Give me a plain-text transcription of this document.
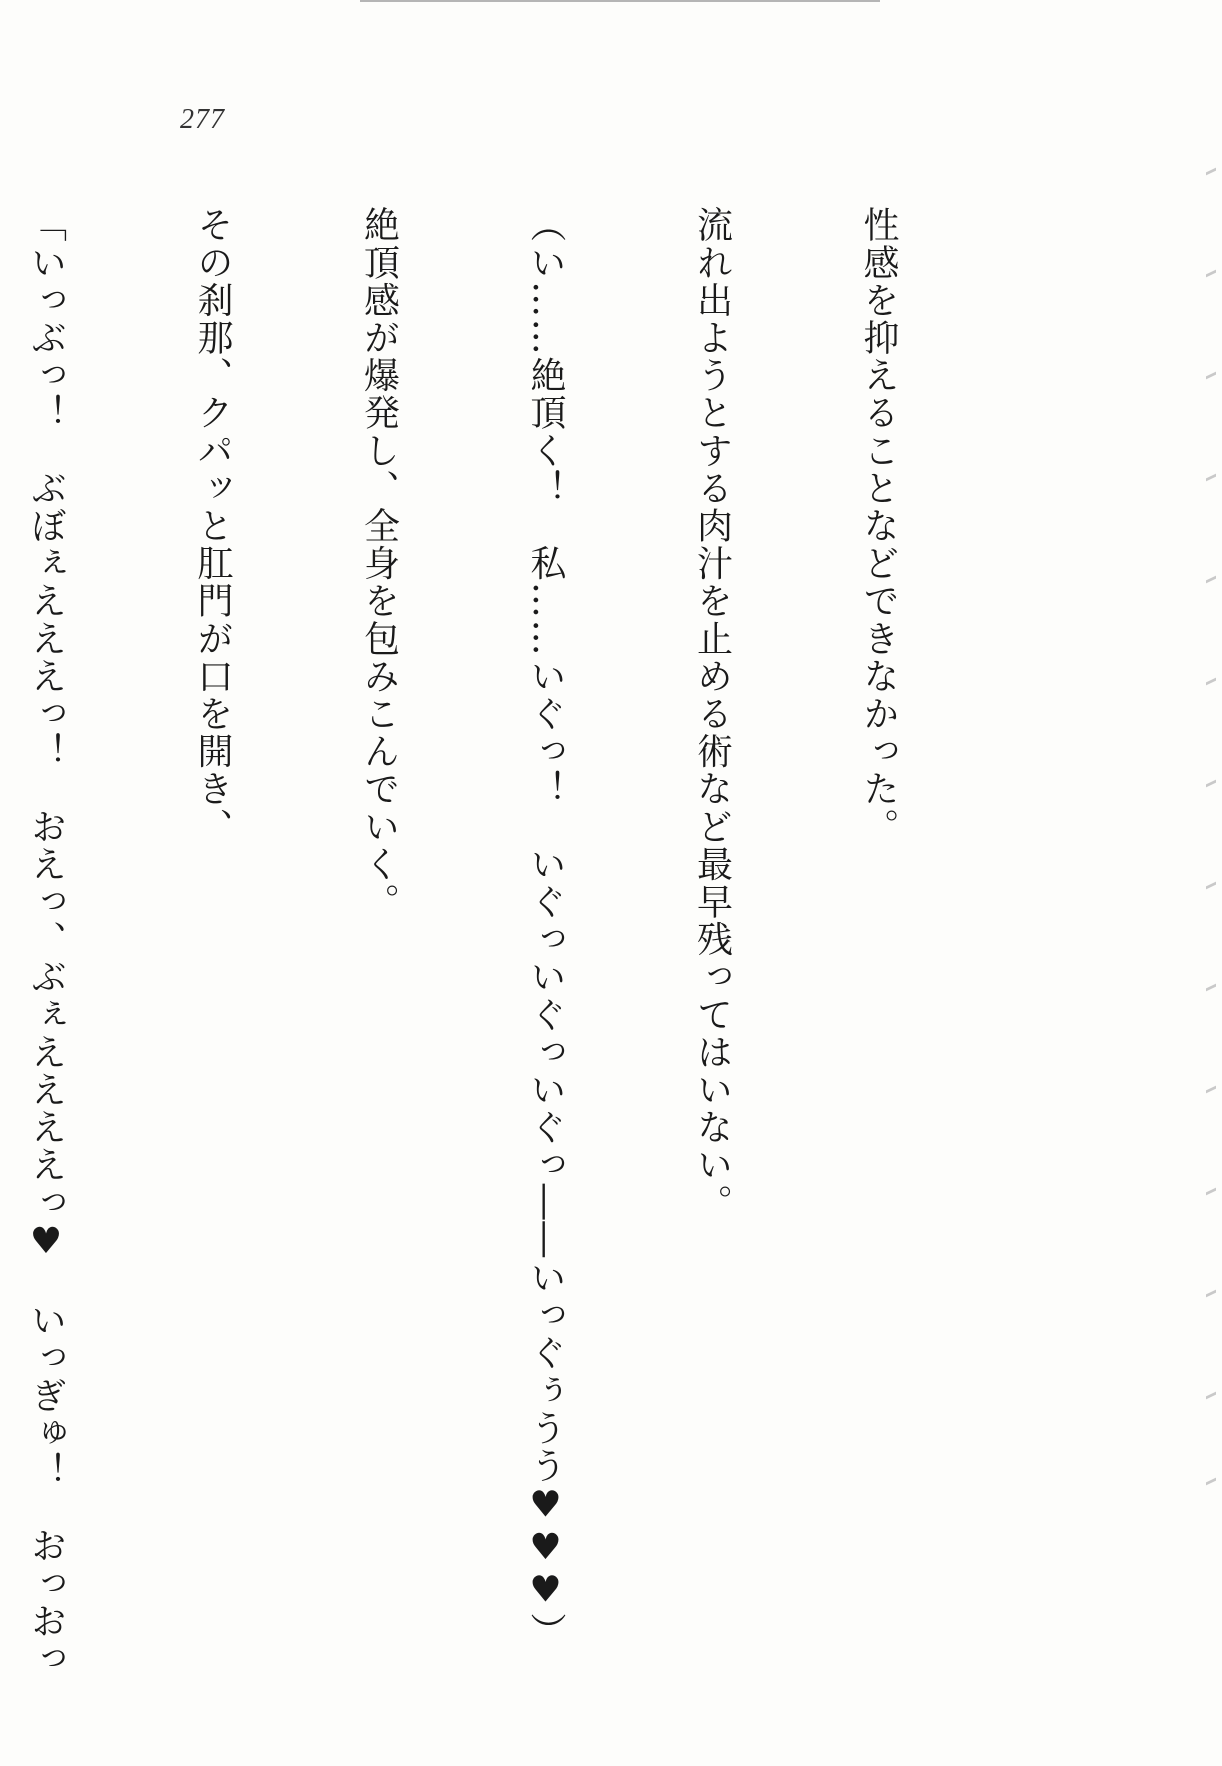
277

性感を抑えることなどできなかった。

流れ出ようとする肉汁を止める術など最早残ってはいない。

（い……絶頂く！　私……いぐっ！　いぐっいぐっいぐっ――いっぐぅうう♥♥♥）

絶頂感が爆発し、全身を包みこんでいく。

その刹那、クパッと肛門が口を開き、

「いっぶっ！　ぶぼぇえええっ！　おえっ、ぶぇええええっ♥　いっぎゅ！　おっおっ
